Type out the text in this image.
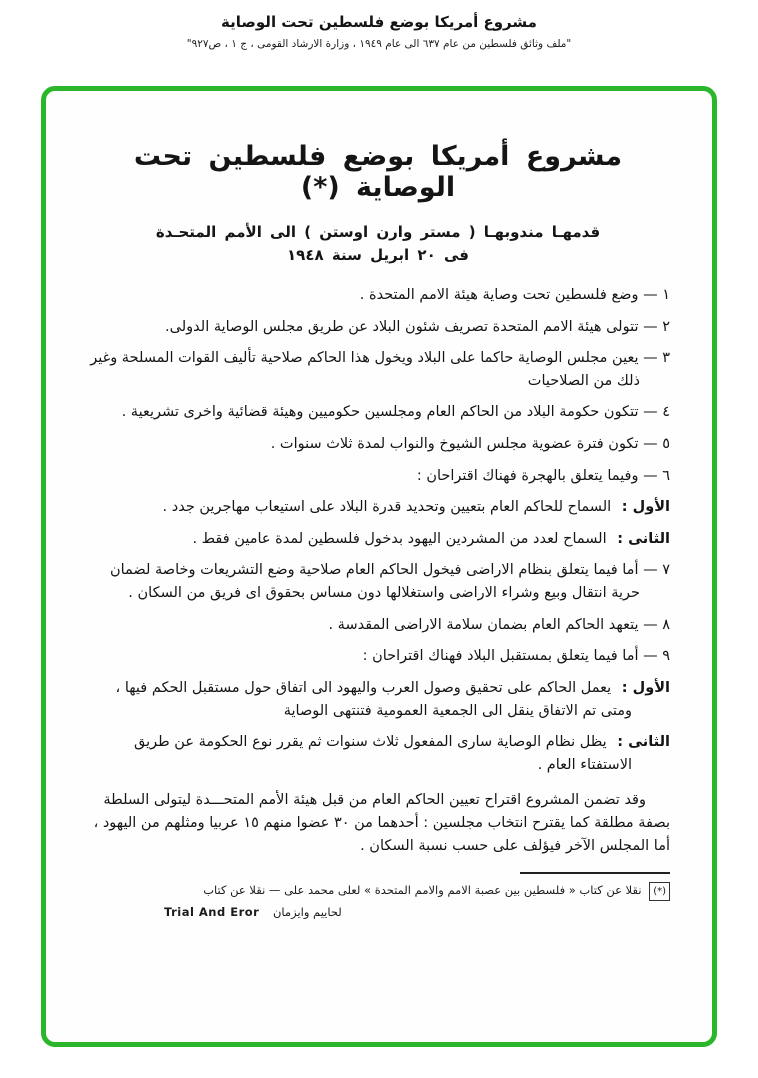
مشروع أمريكا بوضع فلسطين تحت الوصاية
"ملف وثائق فلسطين من عام ٦٣٧ الى عام ١٩٤٩ ، وزارة الارشاد القومى ، ج ١ ، ص٩٢٧"
مشروع أمريكا بوضع فلسطين تحت الوصاية (*)
قدمهـا مندوبهـا ( مستر وارن اوستن ) الى الأمم المتحـدة
فى ٢٠ ابريل سنة ١٩٤٨

١ — وضع فلسطين تحت وصاية هيئة الامم المتحدة .

٢ — تتولى هيئة الامم المتحدة تصريف شئون البلاد عن طريق مجلس الوصاية الدولى.

٣ — يعين مجلس الوصاية حاكما على البلاد ويخول هذا الحاكم صلاحية تأليف القوات المسلحة وغير ذلك من الصلاحيات

٤ — تتكون حكومة البلاد من الحاكم العام ومجلسين حكوميين وهيئة قضائية واخرى تشريعية .

٥ — تكون فترة عضوية مجلس الشيوخ والنواب لمدة ثلاث سنوات .

٦ — وفيما يتعلق بالهجرة فهناك اقتراحان :

الأول : السماح للحاكم العام بتعيين وتحديد قدرة البلاد على استيعاب مهاجرين جدد .

الثانى : السماح لعدد من المشردين اليهود بدخول فلسطين لمدة عامين فقط .

٧ — أما فيما يتعلق بنظام الاراضى فيخول الحاكم العام صلاحية وضع التشريعات وخاصة لضمان حرية انتقال وبيع وشراء الاراضى واستغلالها دون مساس بحقوق اى فريق من السكان .

٨ — يتعهد الحاكم العام بضمان سلامة الاراضى المقدسة .

٩ — أما فيما يتعلق بمستقبل البلاد فهناك اقتراحان :

الأول : يعمل الحاكم على تحقيق وصول العرب واليهود الى اتفاق حول مستقبل الحكم فيها ، ومتى تم الاتفاق ينقل الى الجمعية العمومية فتنتهى الوصاية

الثانى : يظل نظام الوصاية سارى المفعول ثلاث سنوات ثم يقرر نوع الحكومة عن طريق الاستفتاء العام .

وقد تضمن المشروع اقتراح تعيين الحاكم العام من قبل هيئة الأمم المتحـــدة ليتولى السلطة بصفة مطلقة كما يقترح انتخاب مجلسين : أحدهما من ٣٠ عضوا منهم ١٥ عربيا ومثلهم من اليهود ، أما المجلس الآخر فيؤلف على حسب نسبة السكان .

(*) نقلا عن كتاب « فلسطين بين عصبة الامم والامم المتحدة » لعلى محمد على — نقلا عن كتاب
Trial And Eror لحاييم وايزمان
